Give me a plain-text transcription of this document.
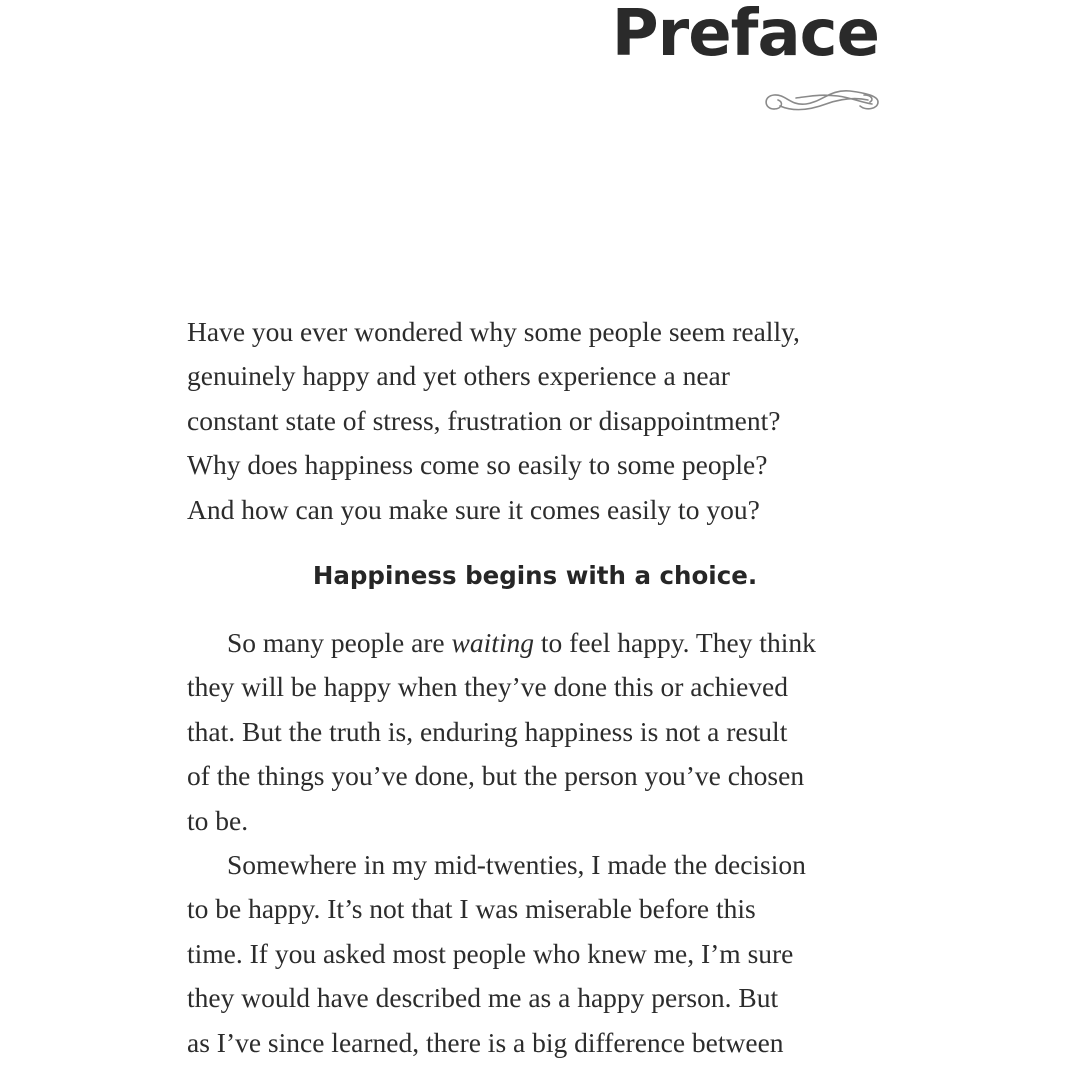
Preface

Have you ever wondered why some people seem really,
genuinely happy and yet others experience a near
constant state of stress, frustration or disappointment?
Why does happiness come so easily to some people?
And how can you make sure it comes easily to you?

Happiness begins with a choice.

So many people are waiting to feel happy. They think
they will be happy when they’ve done this or achieved
that. But the truth is, enduring happiness is not a result
of the things you’ve done, but the person you’ve chosen
to be.

Somewhere in my mid-twenties, I made the decision
to be happy. It’s not that I was miserable before this
time. If you asked most people who knew me, I’m sure
they would have described me as a happy person. But
as I’ve since learned, there is a big difference between
